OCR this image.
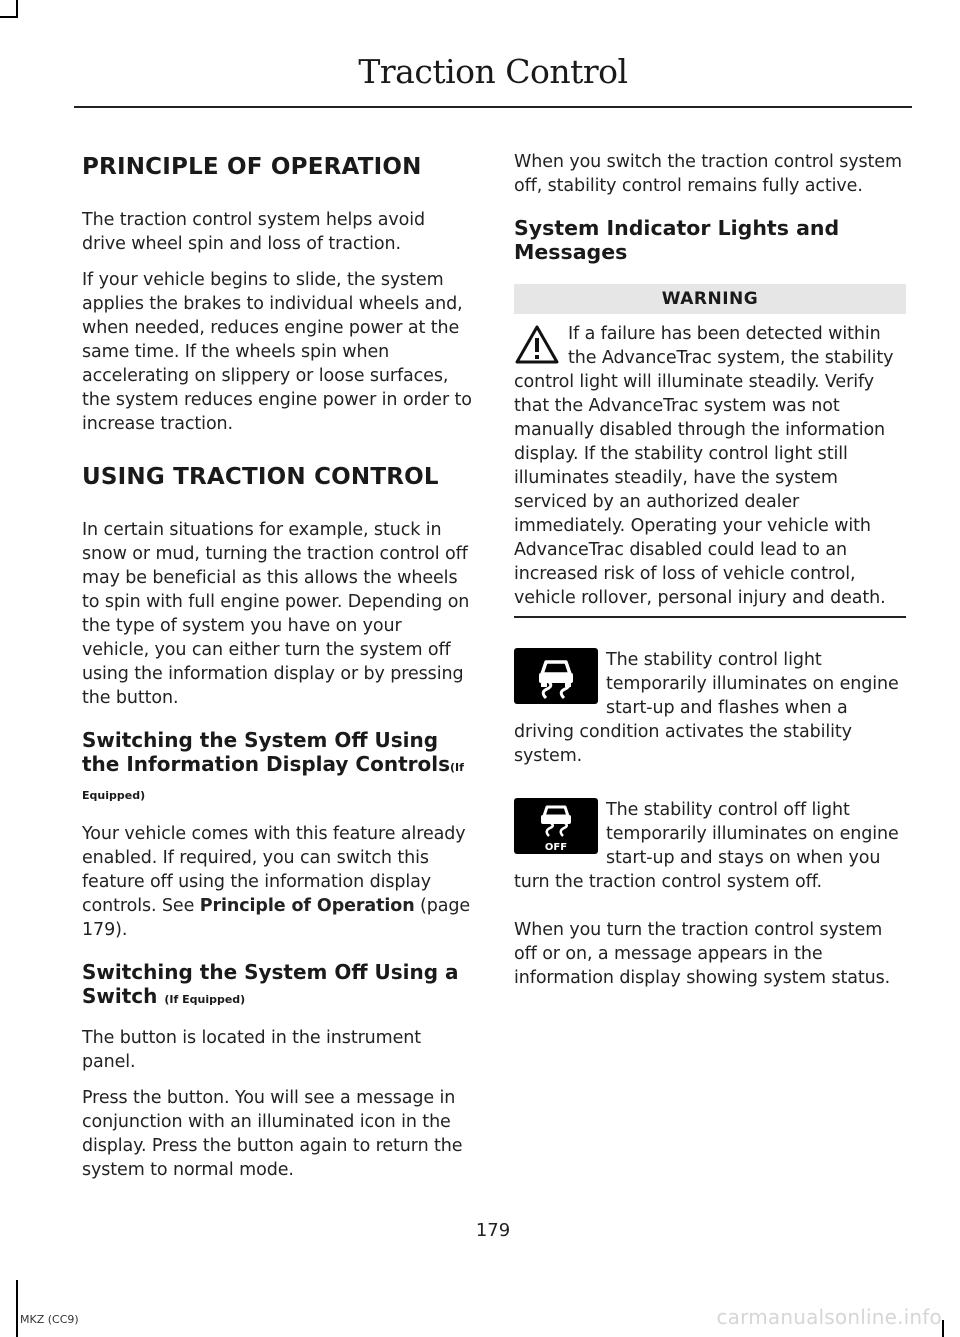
Traction Control
PRINCIPLE OF OPERATION

The traction control system helps avoid drive wheel spin and loss of traction.

If your vehicle begins to slide, the system applies the brakes to individual wheels and, when needed, reduces engine power at the same time. If the wheels spin when accelerating on slippery or loose surfaces, the system reduces engine power in order to increase traction.

USING TRACTION CONTROL

In certain situations for example, stuck in snow or mud, turning the traction control off may be beneficial as this allows the wheels to spin with full engine power. Depending on the type of system you have on your vehicle, you can either turn the system off using the information display or by pressing the button.

Switching the System Off Using the Information Display Controls(If Equipped)

Your vehicle comes with this feature already enabled. If required, you can switch this feature off using the information display controls. See Principle of Operation (page 179).

Switching the System Off Using a Switch (If Equipped)

The button is located in the instrument panel.

Press the button. You will see a message in conjunction with an illuminated icon in the display. Press the button again to return the system to normal mode.

When you switch the traction control system off, stability control remains fully active.

System Indicator Lights and Messages
WARNING

If a failure has been detected within the AdvanceTrac system, the stability control light will illuminate steadily. Verify that the AdvanceTrac system was not manually disabled through the information display. If the stability control light still illuminates steadily, have the system serviced by an authorized dealer immediately. Operating your vehicle with AdvanceTrac disabled could lead to an increased risk of loss of vehicle control, vehicle rollover, personal injury and death.

The stability control light temporarily illuminates on engine start-up and flashes when a driving condition activates the stability system.

OFF

The stability control off light temporarily illuminates on engine start-up and stays on when you turn the traction control system off.

When you turn the traction control system off or on, a message appears in the information display showing system status.

179
MKZ (CC9)	carmanualsonline.info
